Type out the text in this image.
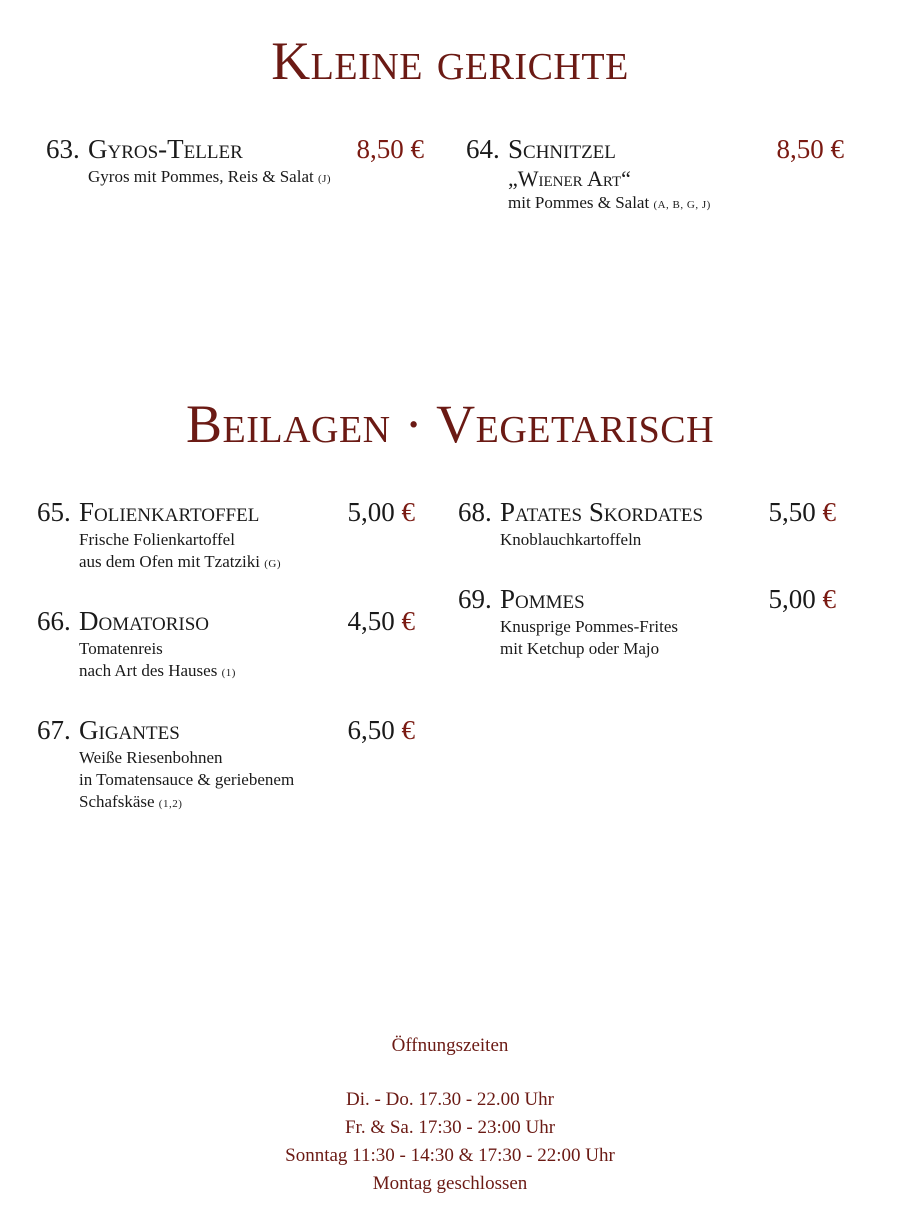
Kleine gerichte
63. Gyros-Teller	8,50 €
Gyros mit Pommes, Reis & Salat (J)
64. Schnitzel	8,50 €
„Wiener Art“
mit Pommes & Salat (A, B, G, J)
Beilagen · Vegetarisch
65. Folienkartoffel	5,00 €
Frische Folienkartoffel
aus dem Ofen mit Tzatziki (G)
66. Domatoriso	4,50 €
Tomatenreis
nach Art des Hauses (1)
67. Gigantes	6,50 €
Weiße Riesenbohnen
in Tomatensauce & geriebenem
Schafskäse (1,2)
68. Patates Skordates 5,50 €
Knoblauchkartoffeln
69. Pommes	5,00 €
Knusprige Pommes-Frites
mit Ketchup oder Majo
Öffnungszeiten
Di. - Do. 17.30 - 22.00 Uhr
Fr. & Sa. 17:30 - 23:00 Uhr
Sonntag 11:30 - 14:30 & 17:30 - 22:00 Uhr
Montag geschlossen
